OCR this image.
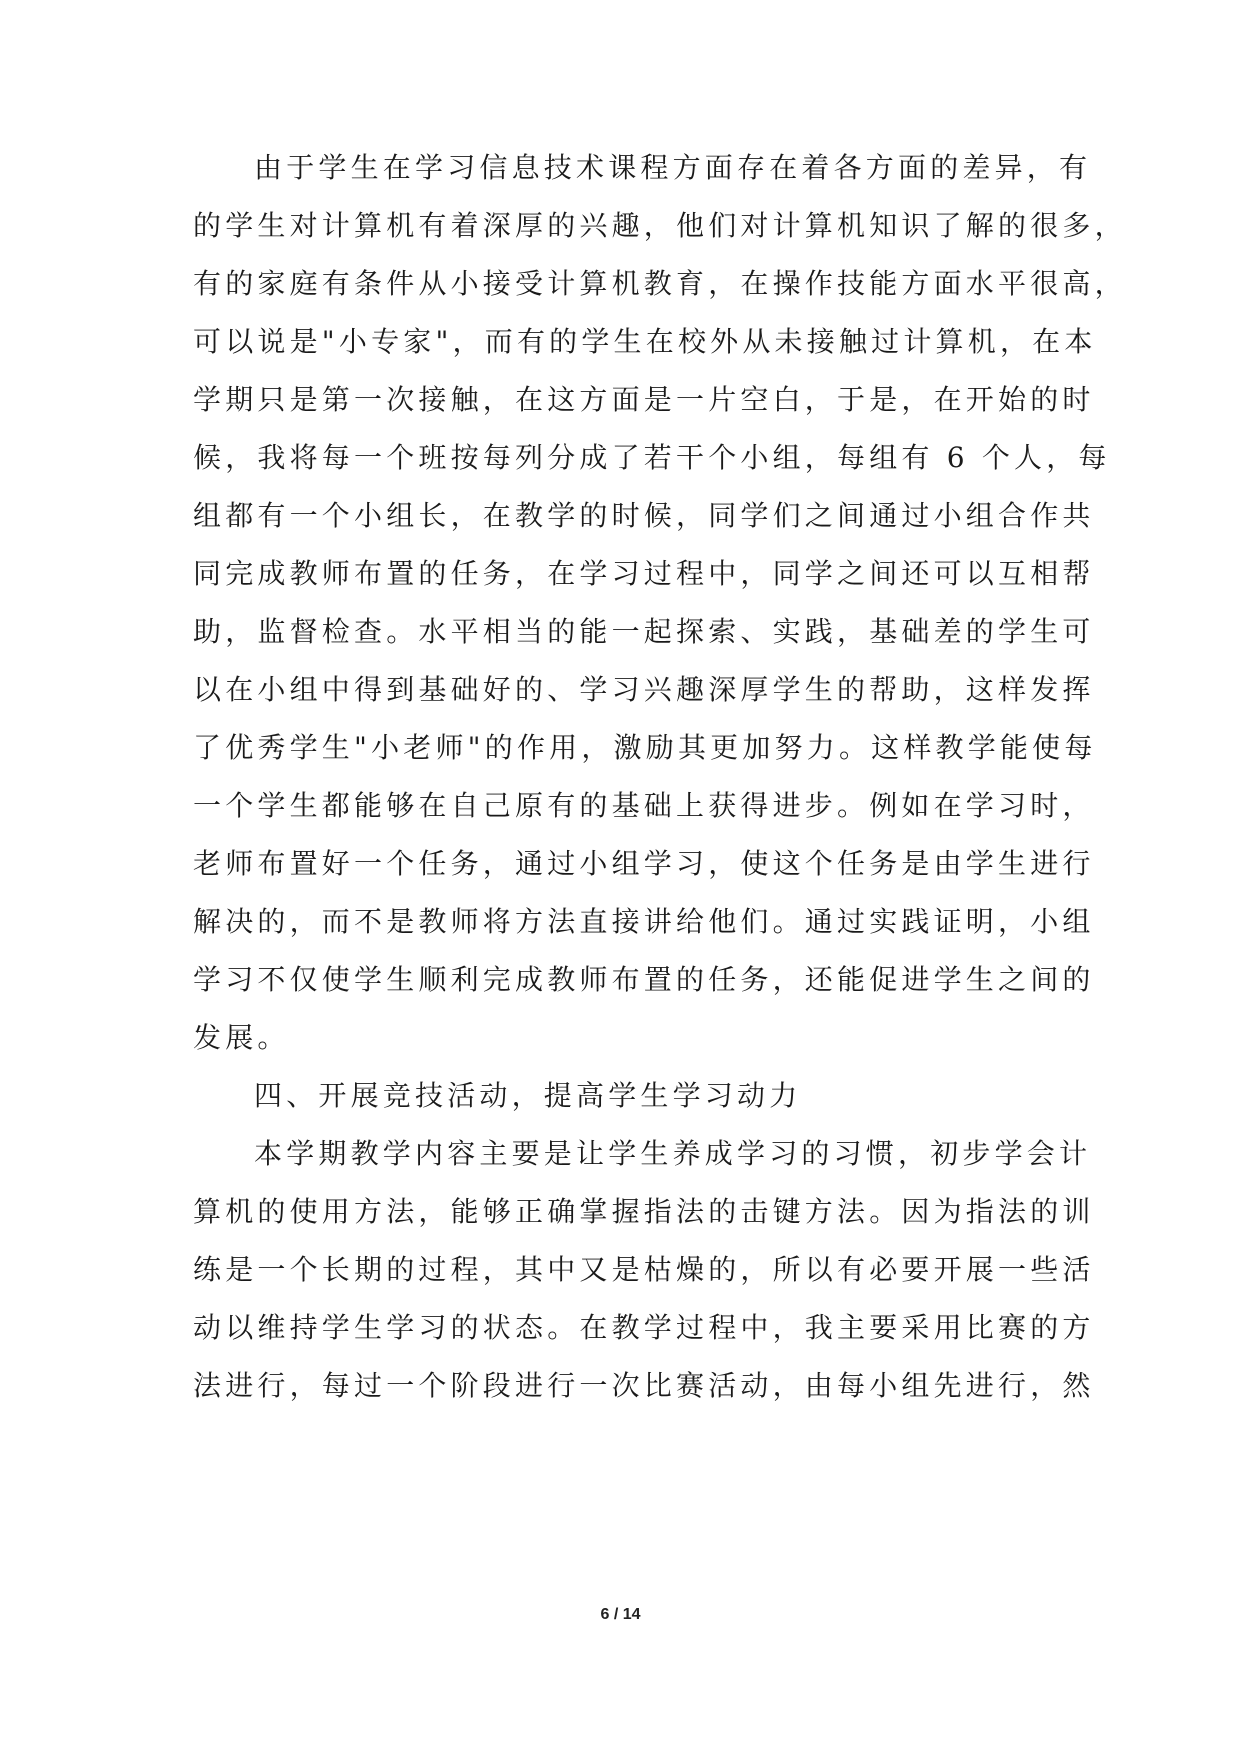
由于学生在学习信息技术课程方面存在着各方面的差异，有
的学生对计算机有着深厚的兴趣，他们对计算机知识了解的很多，
有的家庭有条件从小接受计算机教育，在操作技能方面水平很高，
可以说是"小专家"，而有的学生在校外从未接触过计算机，在本
学期只是第一次接触，在这方面是一片空白，于是，在开始的时
候，我将每一个班按每列分成了若干个小组，每组有 6 个人，每
组都有一个小组长，在教学的时候，同学们之间通过小组合作共
同完成教师布置的任务，在学习过程中，同学之间还可以互相帮
助，监督检查。水平相当的能一起探索、实践，基础差的学生可
以在小组中得到基础好的、学习兴趣深厚学生的帮助，这样发挥
了优秀学生"小老师"的作用，激励其更加努力。这样教学能使每
一个学生都能够在自己原有的基础上获得进步。例如在学习时，
老师布置好一个任务，通过小组学习，使这个任务是由学生进行
解决的，而不是教师将方法直接讲给他们。通过实践证明，小组
学习不仅使学生顺利完成教师布置的任务，还能促进学生之间的
发展。
四、开展竞技活动，提高学生学习动力
本学期教学内容主要是让学生养成学习的习惯，初步学会计
算机的使用方法，能够正确掌握指法的击键方法。因为指法的训
练是一个长期的过程，其中又是枯燥的，所以有必要开展一些活
动以维持学生学习的状态。在教学过程中，我主要采用比赛的方
法进行，每过一个阶段进行一次比赛活动，由每小组先进行，然
6 / 14
